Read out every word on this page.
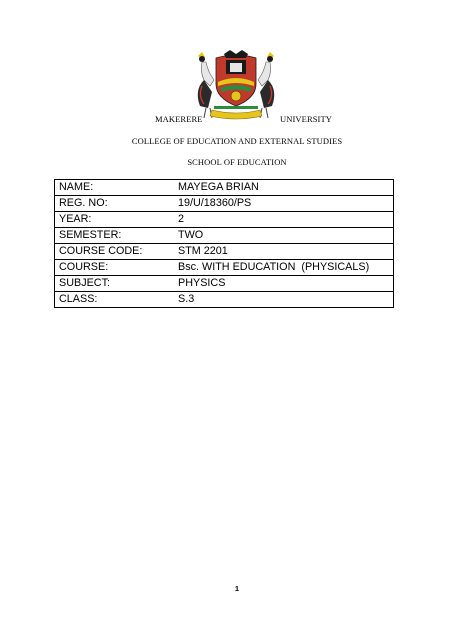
MAKERERE	UNIVERSITY
COLLEGE OF EDUCATION AND EXTERNAL STUDIES
SCHOOL OF EDUCATION
NAME:	MAYEGA BRIAN
REG. NO:	19/U/18360/PS
YEAR:	2
SEMESTER:	TWO
COURSE CODE:	STM 2201
COURSE:	Bsc. WITH EDUCATION  (PHYSICALS)
SUBJECT:	PHYSICS
CLASS:	S.3
1
